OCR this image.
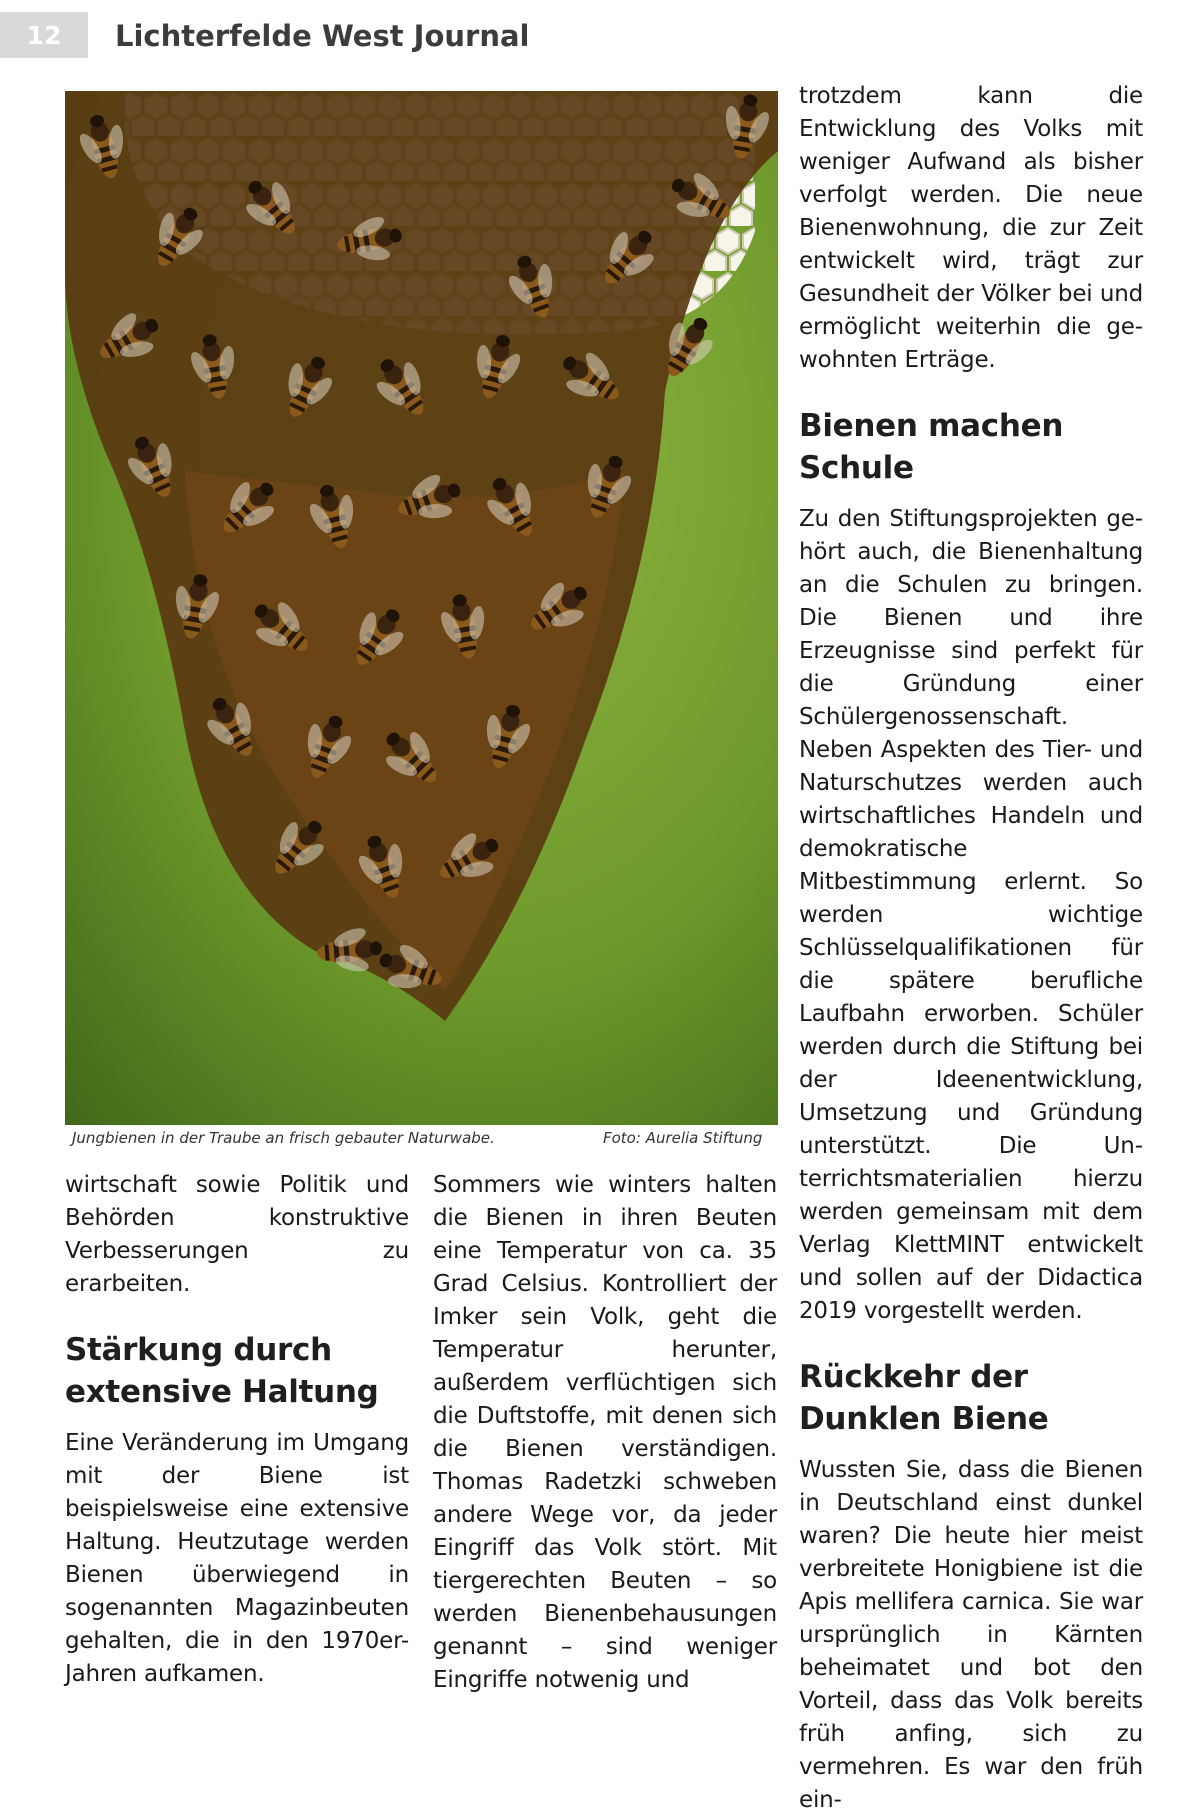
12	Lichterfelde West Journal
Jungbienen in der Traube an frisch gebauter Naturwabe.	Foto: Aurelia Stiftung

wirtschaft sowie Politik und Behörden konstruktive Verbesserungen zu erarbeiten.

Stärkung durch extensive Haltung

Eine Veränderung im Umgang mit der Biene ist beispielsweise eine extensive Haltung. Heutzutage werden Bienen überwiegend in sogenannten Magazinbeuten gehalten, die in den 1970er-Jahren aufkamen.

Sommers wie winters halten die Bienen in ihren Beuten eine Temperatur von ca. 35 Grad Celsius. Kontrolliert der Imker sein Volk, geht die Temperatur herunter, außerdem verflüchtigen sich die Duftstoffe, mit denen sich die Bienen verständigen. Thomas Radetzki schweben andere Wege vor, da jeder Eingriff das Volk stört. Mit tiergerechten Beuten – so werden Bienenbehausungen genannt – sind weniger Eingriffe notwenig und

trotzdem kann die Entwicklung des Volks mit weniger Aufwand als bisher verfolgt werden. Die neue Bienenwohnung, die zur Zeit entwickelt wird, trägt zur Gesundheit der Völker bei und ermöglicht weiterhin die gewohnten Erträge.

Bienen machen Schule

Zu den Stiftungsprojekten gehört auch, die Bienenhaltung an die Schulen zu bringen. Die Bienen und ihre Erzeugnisse sind perfekt für die Gründung einer Schülergenossenschaft. Neben Aspekten des Tier- und Naturschutzes werden auch wirtschaftliches Handeln und demokratische Mitbestimmung erlernt. So werden wichtige Schlüsselqualifikationen für die spätere berufliche Laufbahn erworben. Schüler werden durch die Stiftung bei der Ideenentwicklung, Umsetzung und Gründung unterstützt. Die Unterrichtsmaterialien hierzu werden gemeinsam mit dem Verlag KlettMINT entwickelt und sollen auf der Didactica 2019 vorgestellt werden.

Rückkehr der Dunklen Biene

Wussten Sie, dass die Bienen in Deutschland einst dunkel waren? Die heute hier meist verbreitete Honigbiene ist die Apis mellifera carnica. Sie war ursprünglich in Kärnten beheimatet und bot den Vorteil, dass das Volk bereits früh anfing, sich zu vermehren. Es war den früh ein-
